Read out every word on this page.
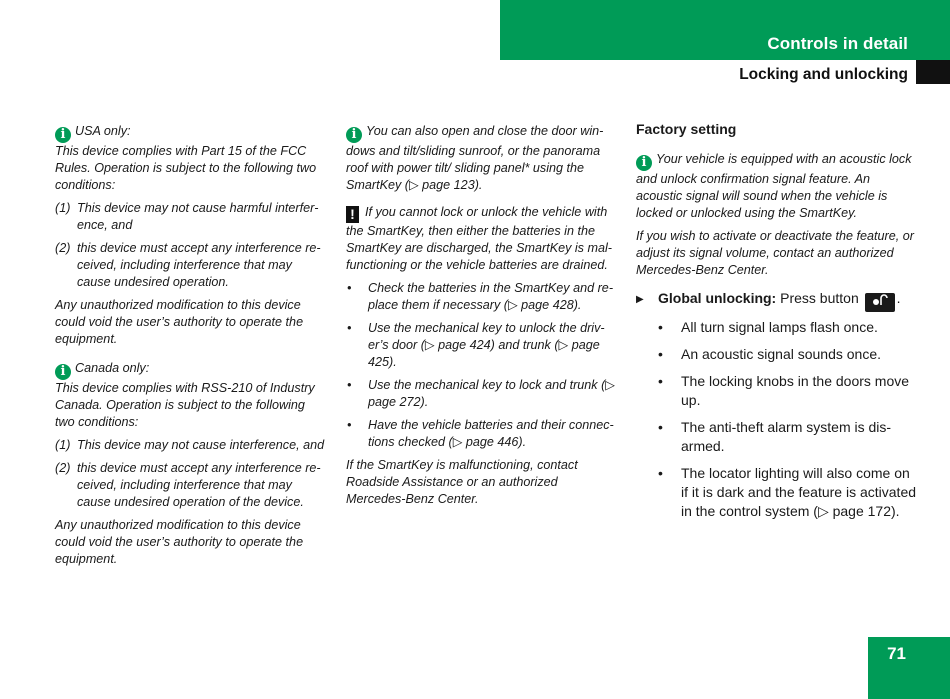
Controls in detail
Locking and unlocking

i USA only:
This device complies with Part 15 of the FCC Rules. Operation is subject to the following two conditions:

(1) This device may not cause harmful interference, and
(2) this device must accept any interference received, including interference that may cause undesired operation.

Any unauthorized modification to this device could void the user’s authority to operate the equipment.

i Canada only:
This device complies with RSS-210 of Industry Canada. Operation is subject to the following two conditions:

(1) This device may not cause interference, and
(2) this device must accept any interference received, including interference that may cause undesired operation of the device.

Any unauthorized modification to this device could void the user’s authority to operate the equipment.

i You can also open and close the door windows and tilt/sliding sunroof, or the panorama roof with power tilt/ sliding panel* using the SmartKey (▷ page 123).

! If you cannot lock or unlock the vehicle with the SmartKey, then either the batteries in the SmartKey are discharged, the SmartKey is malfunctioning or the vehicle batteries are drained.

•	Check the batteries in the SmartKey and replace them if necessary (▷ page 428).
•	Use the mechanical key to unlock the driver’s door (▷ page 424) and trunk (▷ page 425).
•	Use the mechanical key to lock and trunk (▷ page 272).
•	Have the vehicle batteries and their connections checked (▷ page 446).

If the SmartKey is malfunctioning, contact Roadside Assistance or an authorized Mercedes-Benz Center.

Factory setting

i Your vehicle is equipped with an acoustic lock and unlock confirmation signal feature. An acoustic signal will sound when the vehicle is locked or unlocked using the SmartKey.

If you wish to activate or deactivate the feature, or adjust its signal volume, contact an authorized Mercedes-Benz Center.

▶	Global unlocking: Press button	.
•	All turn signal lamps flash once.
•	An acoustic signal sounds once.
•	The locking knobs in the doors move up.
•	The anti-theft alarm system is disarmed.
•	The locator lighting will also come on if it is dark and the feature is activated in the control system (▷ page 172).
71
